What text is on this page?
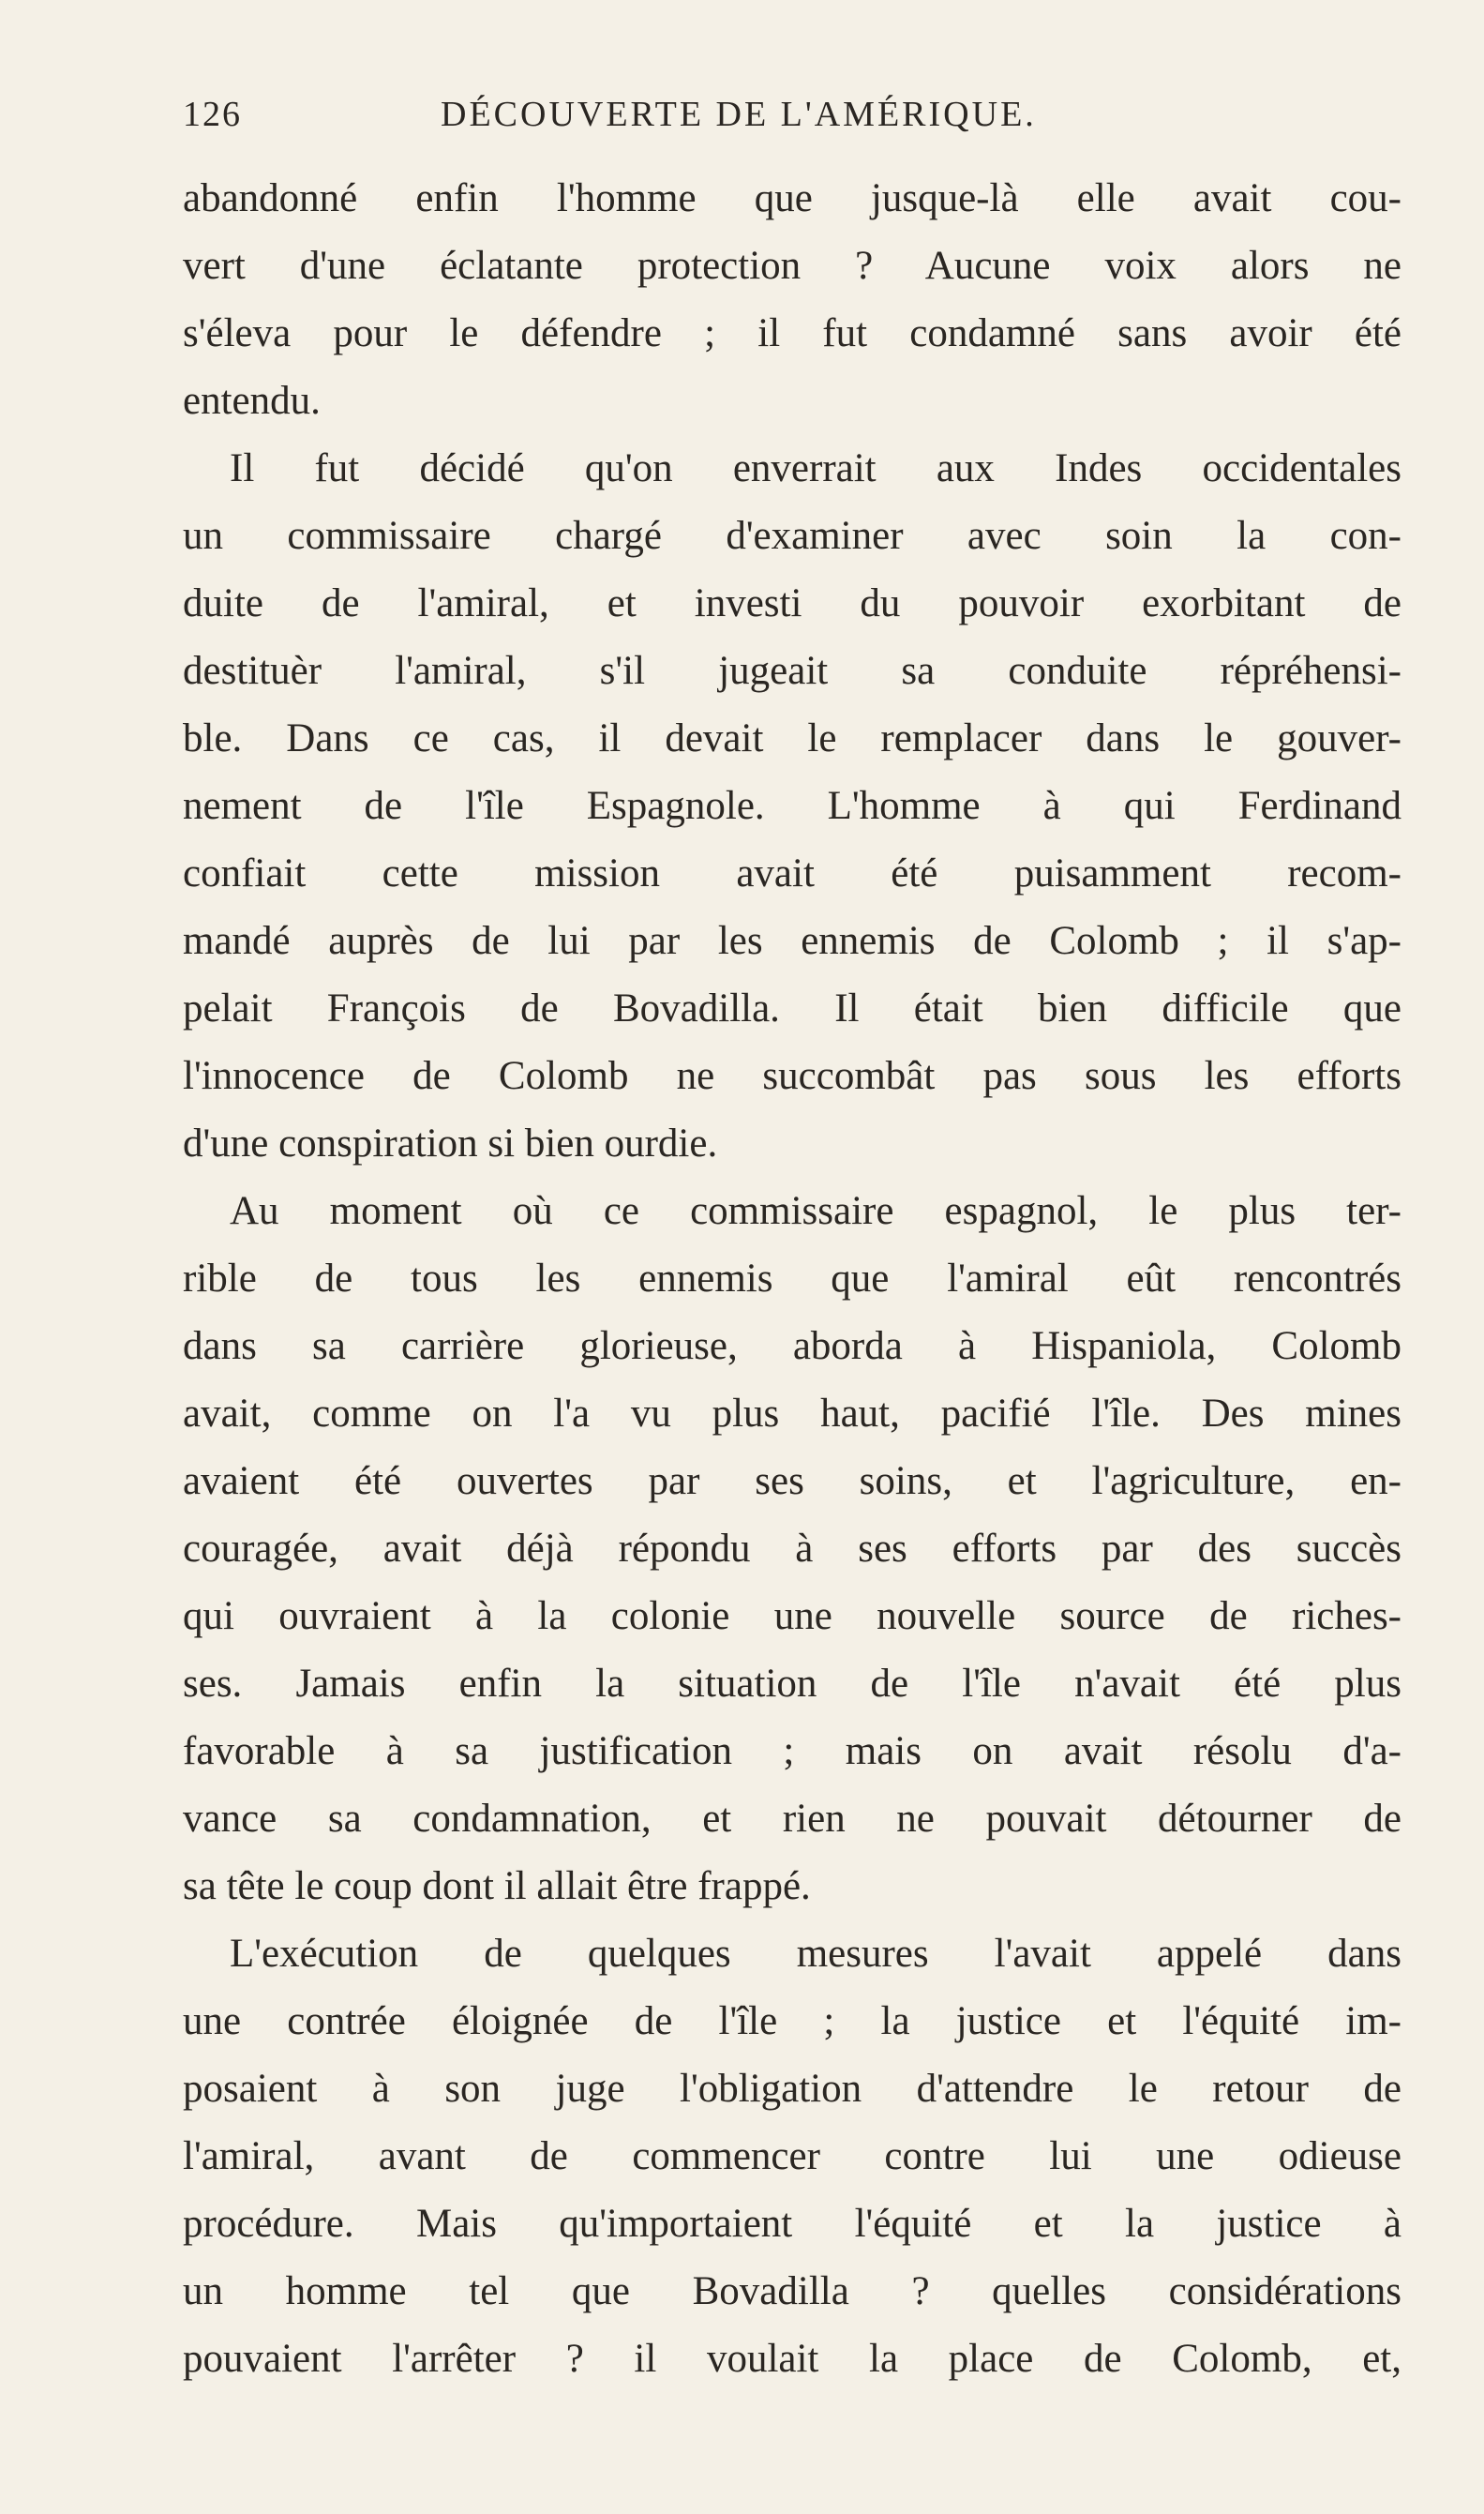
126	DÉCOUVERTE DE L'AMÉRIQUE.
abandonné enfin l'homme que jusque-là elle avait cou-
vert d'une éclatante protection ? Aucune voix alors ne
s'éleva pour le défendre ; il fut condamné sans avoir été
entendu.
Il fut décidé qu'on enverrait aux Indes occidentales
un commissaire chargé d'examiner avec soin la con-
duite de l'amiral, et investi du pouvoir exorbitant de
destituèr l'amiral, s'il jugeait sa conduite répréhensi-
ble. Dans ce cas, il devait le remplacer dans le gouver-
nement de l'île Espagnole. L'homme à qui Ferdinand
confiait cette mission avait été puisamment recom-
mandé auprès de lui par les ennemis de Colomb ; il s'ap-
pelait François de Bovadilla. Il était bien difficile que
l'innocence de Colomb ne succombât pas sous les efforts
d'une conspiration si bien ourdie.
Au moment où ce commissaire espagnol, le plus ter-
rible de tous les ennemis que l'amiral eût rencontrés
dans sa carrière glorieuse, aborda à Hispaniola, Colomb
avait, comme on l'a vu plus haut, pacifié l'île. Des mines
avaient été ouvertes par ses soins, et l'agriculture, en-
couragée, avait déjà répondu à ses efforts par des succès
qui ouvraient à la colonie une nouvelle source de riches-
ses. Jamais enfin la situation de l'île n'avait été plus
favorable à sa justification ; mais on avait résolu d'a-
vance sa condamnation, et rien ne pouvait détourner de
sa tête le coup dont il allait être frappé.
L'exécution de quelques mesures l'avait appelé dans
une contrée éloignée de l'île ; la justice et l'équité im-
posaient à son juge l'obligation d'attendre le retour de
l'amiral, avant de commencer contre lui une odieuse
procédure. Mais qu'importaient l'équité et la justice à
un homme tel que Bovadilla ? quelles considérations
pouvaient l'arrêter ? il voulait la place de Colomb, et,
